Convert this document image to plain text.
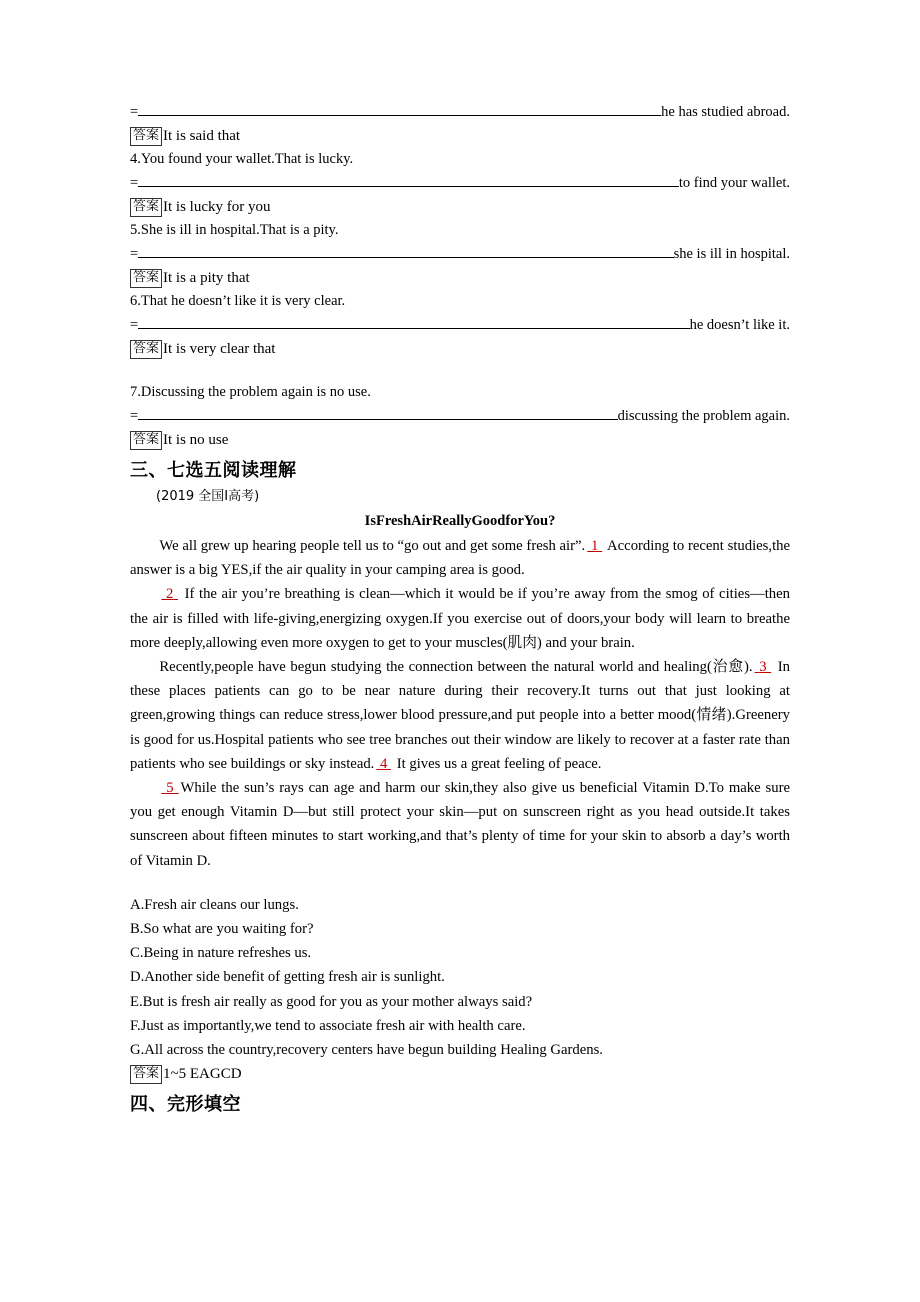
=	he has studied abroad.
答案 It is said that
4.You found your wallet.That is lucky.
=	to find your wallet.
答案 It is lucky for you
5.She is ill in hospital.That is a pity.
=	she is ill in hospital.
答案 It is a pity that
6.That he doesn’t like it is very clear.
=	he doesn’t like it.
答案 It is very clear that
7.Discussing the problem again is no use.
=	discussing the problem again.
答案 It is no use
三、七选五阅读理解
(2019 全国Ⅰ高考)
IsFreshAirReallyGoodforYou?

We all grew up hearing people tell us to “go out and get some fresh air”. 1  According to recent studies,the answer is a big YES,if the air quality in your camping area is good.

2  If the air you’re breathing is clean—which it would be if you’re away from the smog of cities—then the air is filled with life-giving,energizing oxygen.If you exercise out of doors,your body will learn to breathe more deeply,allowing even more oxygen to get to your muscles(肌肉) and your brain.

Recently,people have begun studying the connection between the natural world and healing(治愈). 3  In these places patients can go to be near nature during their recovery.It turns out that just looking at green,growing things can reduce stress,lower blood pressure,and put people into a better mood(情绪).Greenery is good for us.Hospital patients who see tree branches out their window are likely to recover at a faster rate than patients who see buildings or sky instead. 4  It gives us a great feeling of peace.

5 While the sun’s rays can age and harm our skin,they also give us beneficial Vitamin D.To make sure you get enough Vitamin D—but still protect your skin—put on sunscreen right as you head outside.It takes sunscreen about fifteen minutes to start working,and that’s plenty of time for your skin to absorb a day’s worth of Vitamin D.

A.Fresh air cleans our lungs.
B.So what are you waiting for?
C.Being in nature refreshes us.
D.Another side benefit of getting fresh air is sunlight.
E.But is fresh air really as good for you as your mother always said?
F.Just as importantly,we tend to associate fresh air with health care.
G.All across the country,recovery centers have begun building Healing Gardens.
答案 1~5 EAGCD
四、完形填空
